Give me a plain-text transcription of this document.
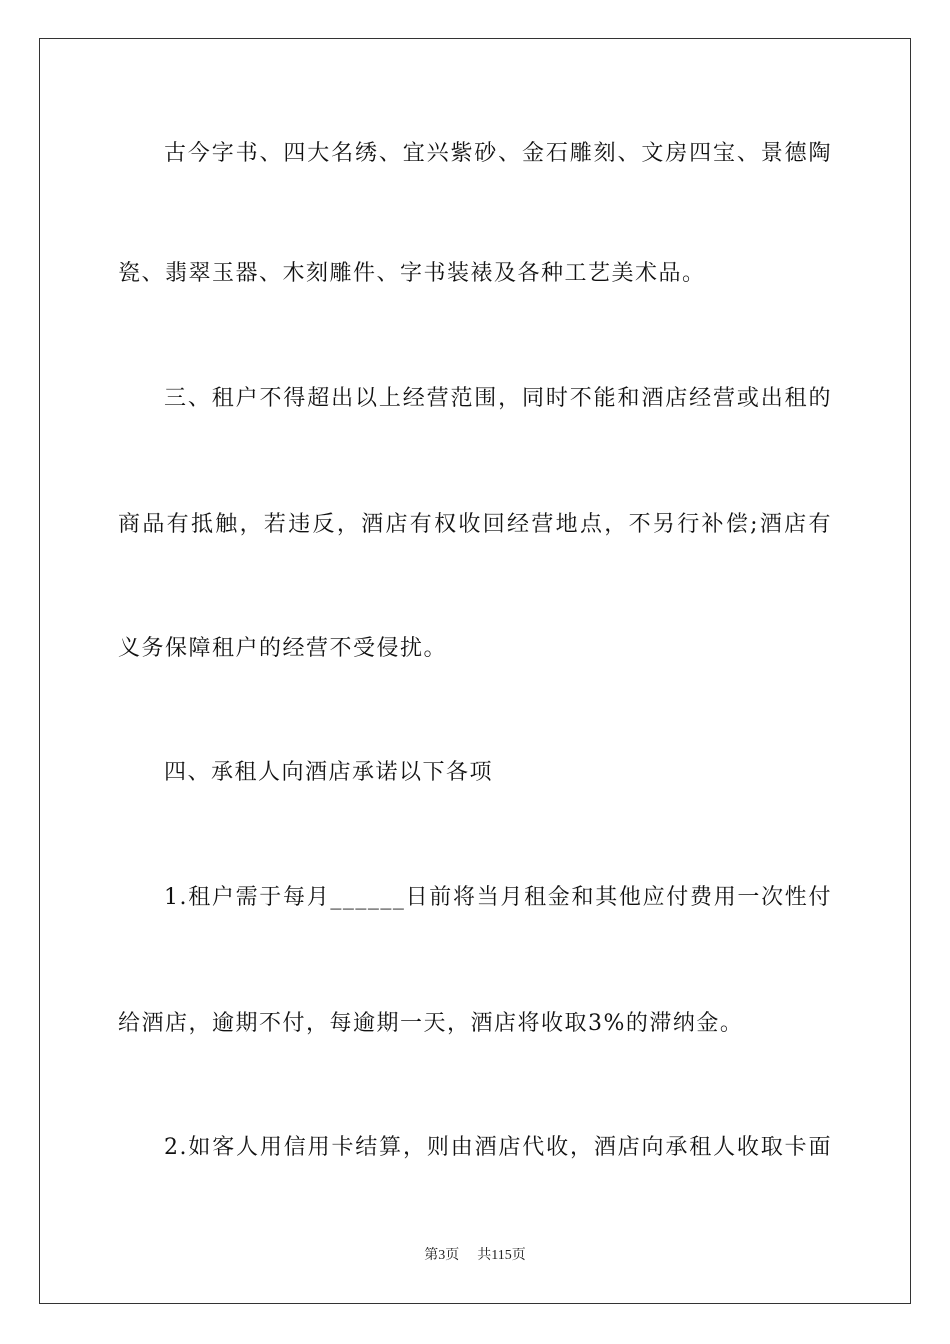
古今字书、四大名绣、宜兴紫砂、金石雕刻、文房四宝、景德陶
瓷、翡翠玉器、木刻雕件、字书装裱及各种工艺美术品。
三、租户不得超出以上经营范围，同时不能和酒店经营或出租的
商品有抵触，若违反，酒店有权收回经营地点，不另行补偿;酒店有
义务保障租户的经营不受侵扰。
四、承租人向酒店承诺以下各项
1.租户需于每月______日前将当月租金和其他应付费用一次性付
给酒店，逾期不付，每逾期一天，酒店将收取3%的滞纳金。
2.如客人用信用卡结算，则由酒店代收，酒店向承租人收取卡面
第3页 共115页
